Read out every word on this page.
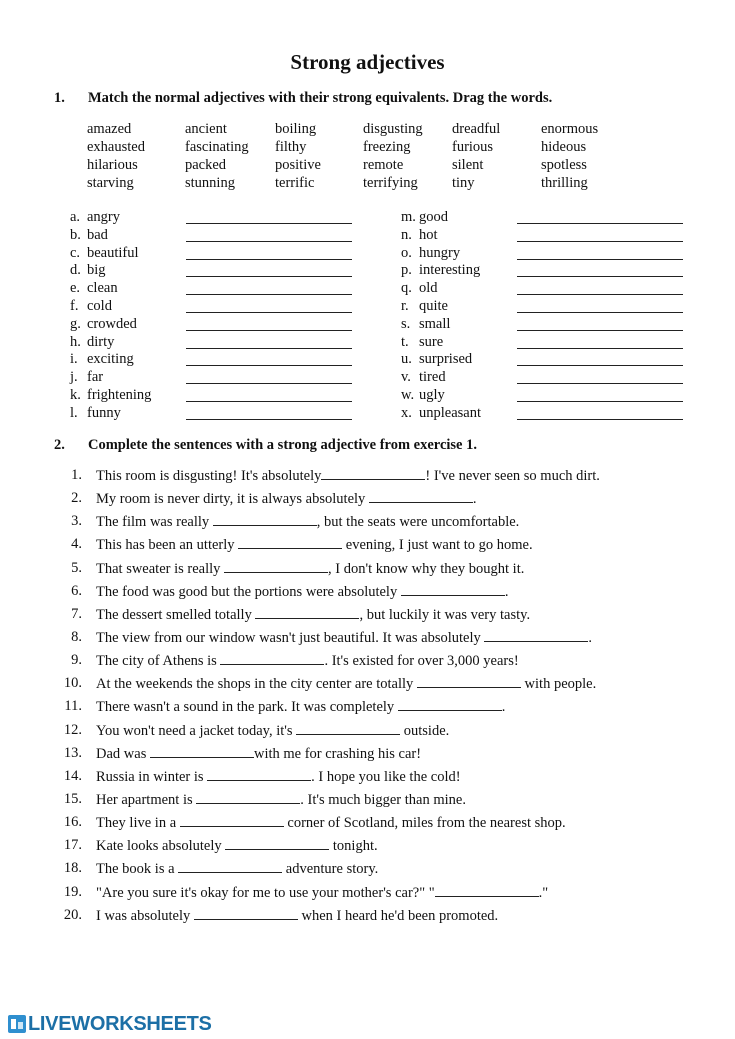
Strong adjectives
1. Match the normal adjectives with their strong equivalents. Drag the words.
amazed	ancient	boiling	disgusting dreadful	enormous
exhausted	fascinating filthy	freezing	furious	hideous
hilarious	packed	positive	remote	silent	spotless
starving	stunning	terrific	terrifying tiny	thrilling
a. angry
b. bad
c. beautiful
d. big
e. clean
f. cold
g. crowded
h. dirty
i. exciting
j. far
k. frightening
l. funny
m. good
n. hot
o. hungry
p. interesting
q. old
r. quite
s. small
t. sure
u. surprised
v. tired
w. ugly
x. unpleasant
2. Complete the sentences with a strong adjective from exercise 1.
1. This room is disgusting! It's absolutely	! I've never seen so much dirt.
2. My room is never dirty, it is always absolutely	.
3. The film was really	, but the seats were uncomfortable.
4. This has been an utterly	evening, I just want to go home.
5. That sweater is really	, I don't know why they bought it.
6. The food was good but the portions were absolutely	.
7. The dessert smelled totally	, but luckily it was very tasty.
8. The view from our window wasn't just beautiful. It was absolutely	.
9. The city of Athens is	. It's existed for over 3,000 years!
10. At the weekends the shops in the city center are totally	with people.
11. There wasn't a sound in the park. It was completely	.
12. You won't need a jacket today, it's	outside.
13. Dad was	with me for crashing his car!
14. Russia in winter is	. I hope you like the cold!
15. Her apartment is	. It's much bigger than mine.
16. They live in a	corner of Scotland, miles from the nearest shop.
17. Kate looks absolutely	tonight.
18. The book is a	adventure story.
19. "Are you sure it's okay for me to use your mother's car?" "	."
20. I was absolutely	when I heard he'd been promoted.
LIVEWORKSHEETS
